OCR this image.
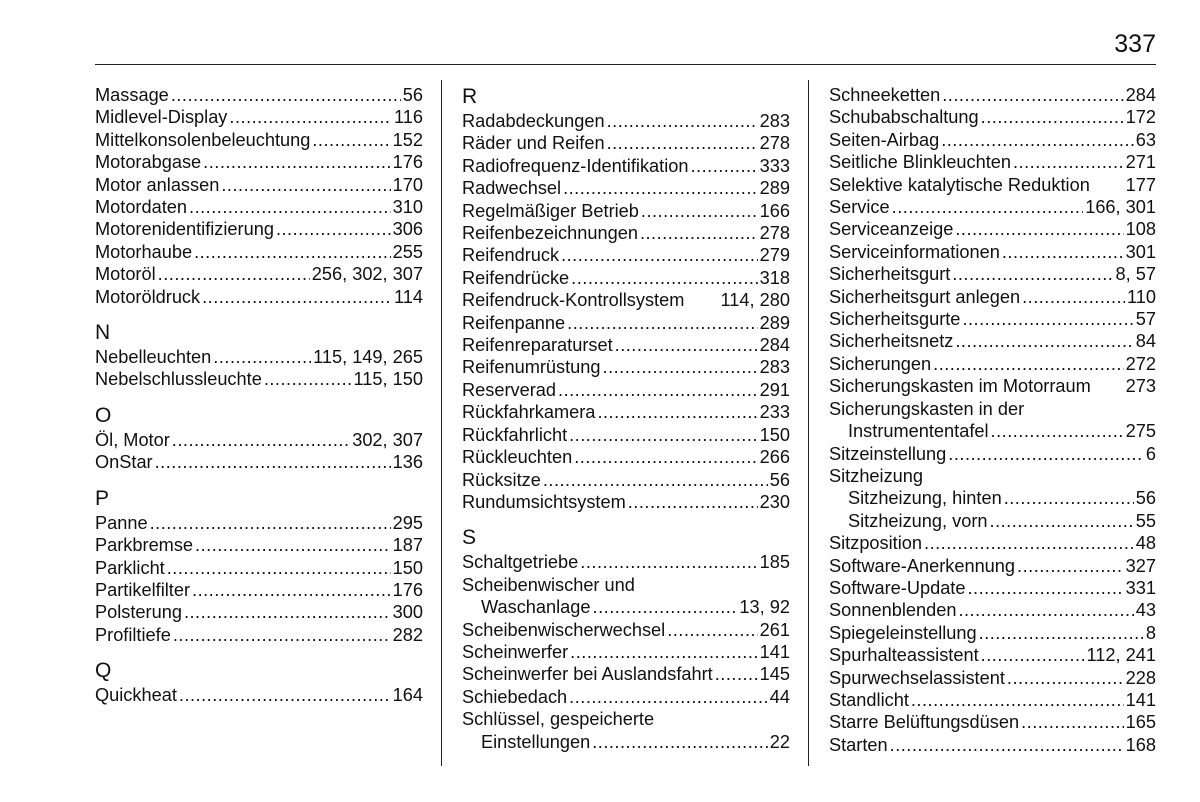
337
Massage .....	56
Midlevel-Display .....	116
Mittelkonsolenbeleuchtung .....	152
Motorabgase .....	176
Motor anlassen .....	170
Motordaten .....	310
Motorenidentifizierung .....	306
Motorhaube .....	255
Motoröl .....	256, 302, 307
Motoröldruck .....	114
N
Nebelleuchten .....	115, 149, 265
Nebelschlussleuchte .....	115, 150
O
Öl, Motor .....	302, 307
OnStar .....	136
P
Panne .....	295
Parkbremse .....	187
Parklicht .....	150
Partikelfilter .....	176
Polsterung .....	300
Profiltiefe .....	282
Q
Quickheat .....	164
R
Radabdeckungen .....	283
Räder und Reifen .....	278
Radiofrequenz-Identifikation .....	333
Radwechsel .....	289
Regelmäßiger Betrieb .....	166
Reifenbezeichnungen .....	278
Reifendruck .....	279
Reifendrücke .....	318
Reifendruck-Kontrollsystem 114, 280
Reifenpanne .....	289
Reifenreparaturset .....	284
Reifenumrüstung .....	283
Reserverad .....	291
Rückfahrkamera .....	233
Rückfahrlicht .....	150
Rückleuchten .....	266
Rücksitze .....	56
Rundumsichtsystem .....	230
S
Schaltgetriebe .....	185
Scheibenwischer und
Waschanlage .....	13, 92
Scheibenwischerwechsel .....	261
Scheinwerfer .....	141
Scheinwerfer bei Auslandsfahrt .....	145
Schiebedach .....	44
Schlüssel, gespeicherte
Einstellungen .....	22
Schneeketten .....	284
Schubabschaltung .....	172
Seiten-Airbag .....	63
Seitliche Blinkleuchten .....	271
Selektive katalytische Reduktion 177
Service .....	166, 301
Serviceanzeige .....	108
Serviceinformationen .....	301
Sicherheitsgurt .....	8, 57
Sicherheitsgurt anlegen .....	110
Sicherheitsgurte .....	57
Sicherheitsnetz .....	84
Sicherungen .....	272
Sicherungskasten im Motorraum 273
Sicherungskasten in der
Instrumententafel .....	275
Sitzeinstellung .....	6
Sitzheizung
Sitzheizung, hinten .....	56
Sitzheizung, vorn .....	55
Sitzposition .....	48
Software-Anerkennung .....	327
Software-Update .....	331
Sonnenblenden .....	43
Spiegeleinstellung .....	8
Spurhalteassistent .....	112, 241
Spurwechselassistent .....	228
Standlicht .....	141
Starre Belüftungsdüsen .....	165
Starten .....	168
